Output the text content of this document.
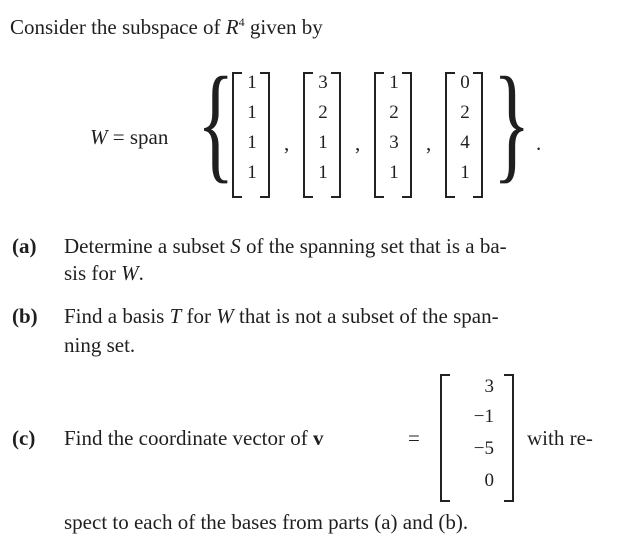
Consider the subspace of $R^4$ given by
W = span { } .
1
1
1
1
,
3
2
1
1
,
1
2
3
1
,
0
2
4
1
(a) Determine a subset S of the spanning set that is a ba-
sis for W.
(b) Find a basis T for W that is not a subset of the span-
ning set.
(c) Find the coordinate vector of v	=
3
−1
−5
0
with re-
spect to each of the bases from parts (a) and (b).
